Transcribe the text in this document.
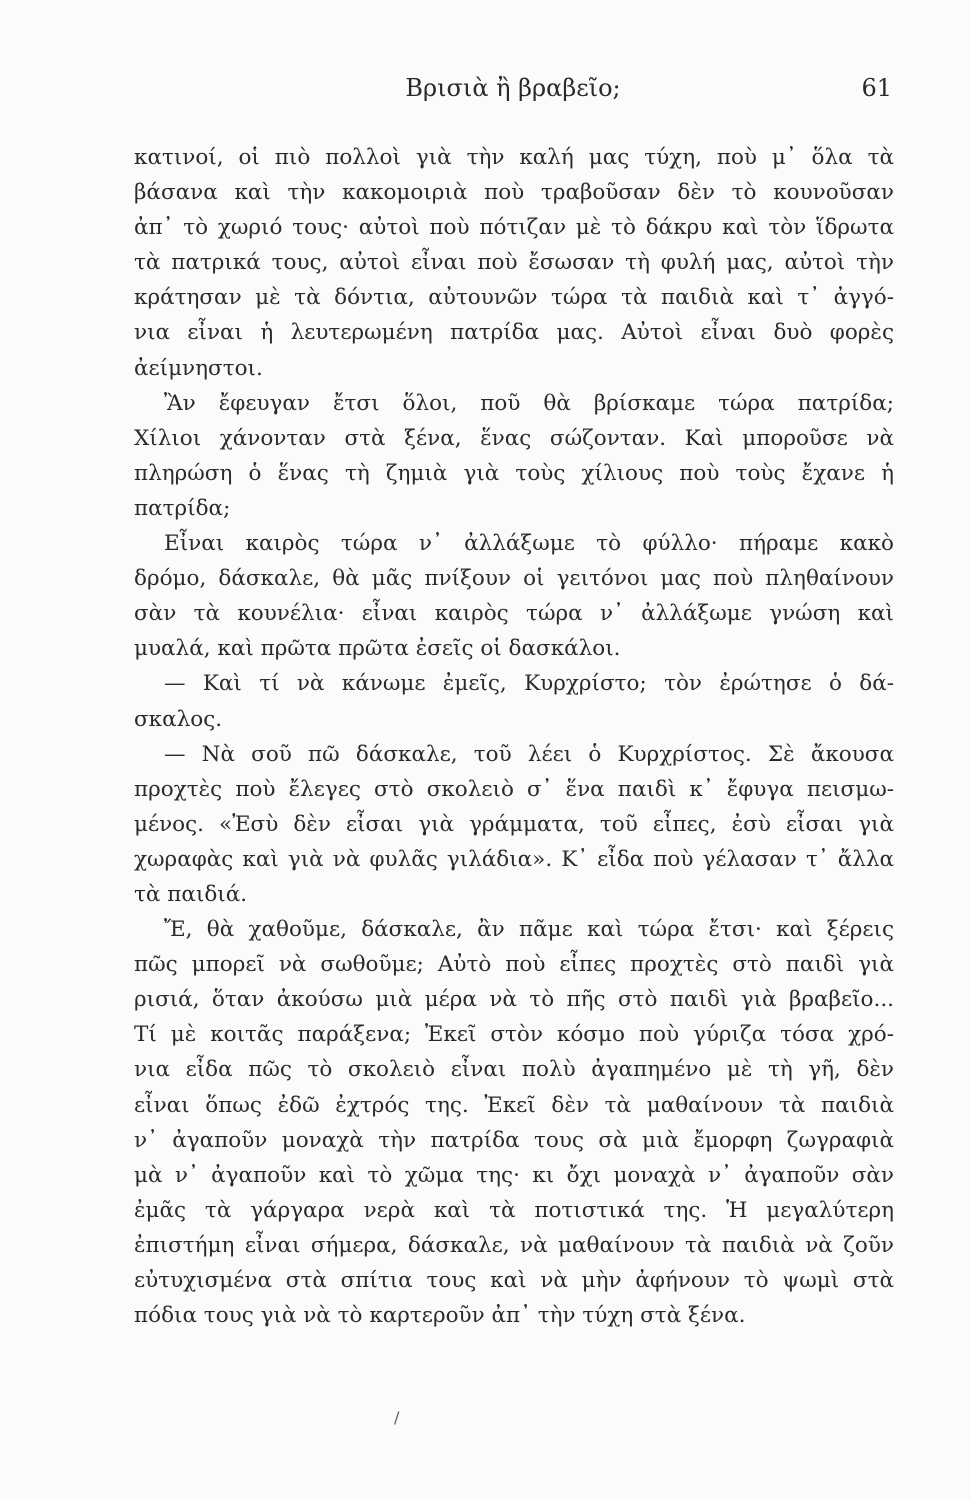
Βρισιὰ ἢ βραβεῖο;	61
κατινοί, οἱ πιὸ πολλοὶ γιὰ τὴν καλή μας τύχη, ποὺ μ᾽ ὅλα τὰ
βάσανα καὶ τὴν κακομοιριὰ ποὺ τραβοῦσαν δὲν τὸ κουνοῦσαν
ἀπ᾽ τὸ χωριό τους· αὐτοὶ ποὺ πότιζαν μὲ τὸ δάκρυ καὶ τὸν ἵδρωτα
τὰ πατρικά τους, αὐτοὶ εἶναι ποὺ ἔσωσαν τὴ φυλή μας, αὐτοὶ τὴν
κράτησαν μὲ τὰ δόντια, αὐτουνῶν τώρα τὰ παιδιὰ καὶ τ᾽ ἀγγό-
νια εἶναι ἡ λευτερωμένη πατρίδα μας. Αὐτοὶ εἶναι δυὸ φορὲς
ἀείμνηστοι.
Ἂν ἔφευγαν ἔτσι ὅλοι, ποῦ θὰ βρίσκαμε τώρα πατρίδα;
Χίλιοι χάνονταν στὰ ξένα, ἕνας σώζονταν. Καὶ μποροῦσε νὰ
πληρώση ὁ ἕνας τὴ ζημιὰ γιὰ τοὺς χίλιους ποὺ τοὺς ἔχανε ἡ
πατρίδα;
Εἶναι καιρὸς τώρα ν᾽ ἀλλάξωμε τὸ φύλλο· πήραμε κακὸ
δρόμο, δάσκαλε, θὰ μᾶς πνίξουν οἱ γειτόνοι μας ποὺ πληθαίνουν
σὰν τὰ κουνέλια· εἶναι καιρὸς τώρα ν᾽ ἀλλάξωμε γνώση καὶ
μυαλά, καὶ πρῶτα πρῶτα ἐσεῖς οἱ δασκάλοι.
— Καὶ τί νὰ κάνωμε ἐμεῖς, Κυρχρίστο; τὸν ἐρώτησε ὁ δά-
σκαλος.
— Νὰ σοῦ πῶ δάσκαλε, τοῦ λέει ὁ Κυρχρίστος. Σὲ ἄκουσα
προχτὲς ποὺ ἔλεγες στὸ σκολειὸ σ᾽ ἕνα παιδὶ κ᾽ ἔφυγα πεισμω-
μένος. «Ἐσὺ δὲν εἶσαι γιὰ γράμματα, τοῦ εἶπες, ἐσὺ εἶσαι γιὰ
χωραφὰς καὶ γιὰ νὰ φυλᾶς γιλάδια». Κ᾽ εἶδα ποὺ γέλασαν τ᾽ ἄλλα
τὰ παιδιά.
Ἔ, θὰ χαθοῦμε, δάσκαλε, ἂν πᾶμε καὶ τώρα ἔτσι· καὶ ξέρεις
πῶς μπορεῖ νὰ σωθοῦμε; Αὐτὸ ποὺ εἶπες προχτὲς στὸ παιδὶ γιὰ
ρισιά, ὅταν ἀκούσω μιὰ μέρα νὰ τὸ πῆς στὸ παιδὶ γιὰ βραβεῖο...
Τί μὲ κοιτᾶς παράξενα; Ἐκεῖ στὸν κόσμο ποὺ γύριζα τόσα χρό-
νια εἶδα πῶς τὸ σκολειὸ εἶναι πολὺ ἀγαπημένο μὲ τὴ γῆ, δὲν
εἶναι ὅπως ἐδῶ ἐχτρός της. Ἐκεῖ δὲν τὰ μαθαίνουν τὰ παιδιὰ
ν᾽ ἀγαποῦν μοναχὰ τὴν πατρίδα τους σὰ μιὰ ἔμορφη ζωγραφιὰ
μὰ ν᾽ ἀγαποῦν καὶ τὸ χῶμα της· κι ὄχι μοναχὰ ν᾽ ἀγαποῦν σὰν
ἐμᾶς τὰ γάργαρα νερὰ καὶ τὰ ποτιστικά της. Ἡ μεγαλύτερη
ἐπιστήμη εἶναι σήμερα, δάσκαλε, νὰ μαθαίνουν τὰ παιδιὰ νὰ ζοῦν
εὐτυχισμένα στὰ σπίτια τους καὶ νὰ μὴν ἀφήνουν τὸ ψωμὶ στὰ
πόδια τους γιὰ νὰ τὸ καρτεροῦν ἀπ᾽ τὴν τύχη στὰ ξένα.
/
